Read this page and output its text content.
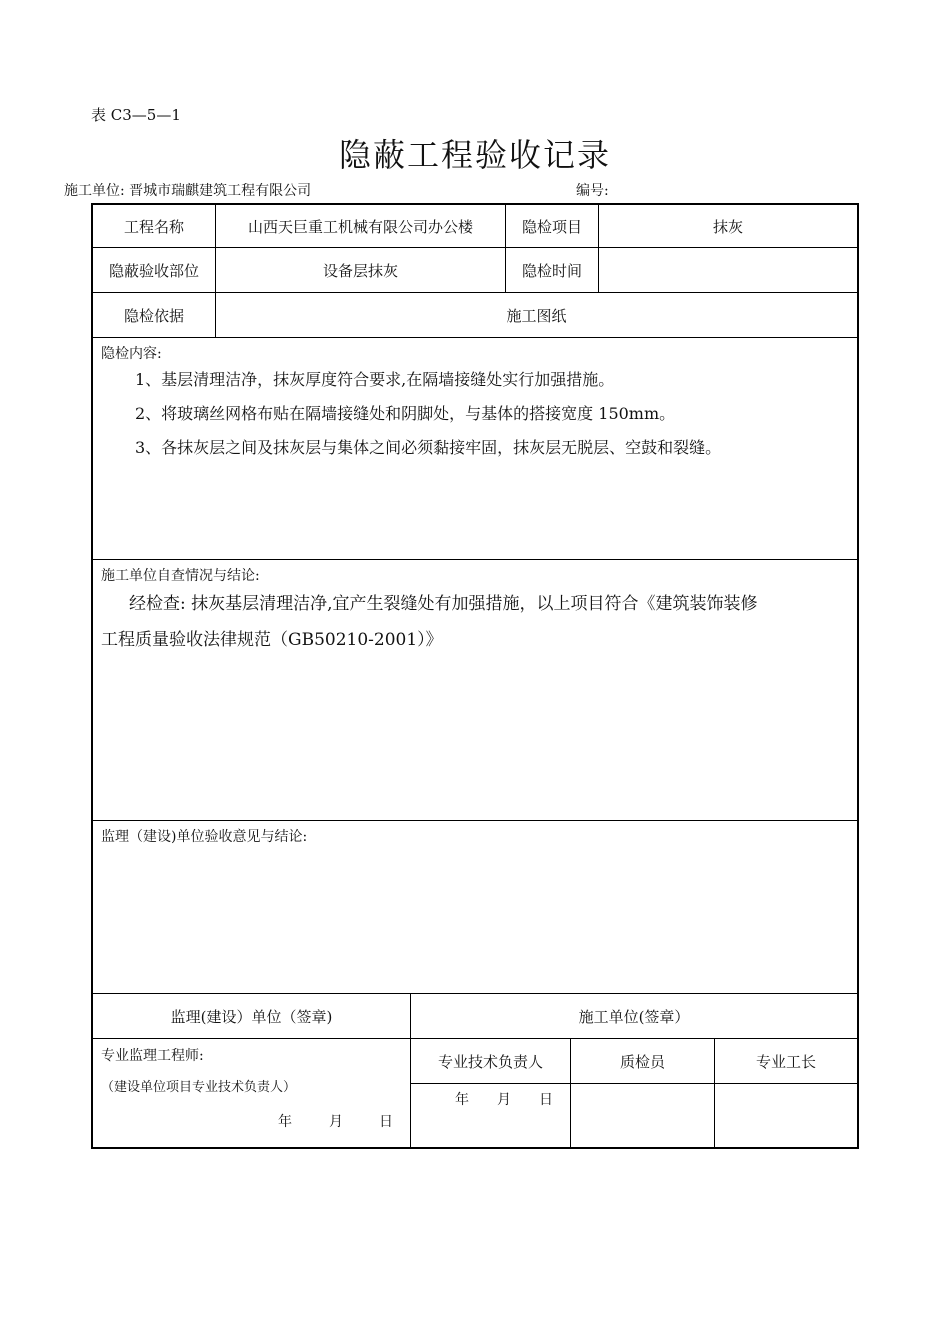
表 C3—5—1
隐蔽工程验收记录
施工单位: 晋城市瑞麒建筑工程有限公司	编号:
工程名称	山西天巨重工机械有限公司办公楼	隐检项目	抹灰
隐蔽验收部位	设备层抹灰	隐检时间
隐检依据	施工图纸
隐检内容:
1、基层清理洁净，抹灰厚度符合要求,在隔墙接缝处实行加强措施。
2、将玻璃丝网格布贴在隔墙接缝处和阴脚处，与基体的搭接宽度 150mm。
3、各抹灰层之间及抹灰层与集体之间必须黏接牢固，抹灰层无脱层、空鼓和裂缝。
施工单位自查情况与结论:
经检查: 抹灰基层清理洁净,宜产生裂缝处有加强措施，以上项目符合《建筑装饰装修
工程质量验收法律规范（GB50210-2001）》
监理（建设)单位验收意见与结论:
监理(建设）单位（签章)	施工单位(签章）
专业监理工程师:
（建设单位项目专业技术负责人）
年	月	日
专业技术负责人	质检员	专业工长
年 月 日
